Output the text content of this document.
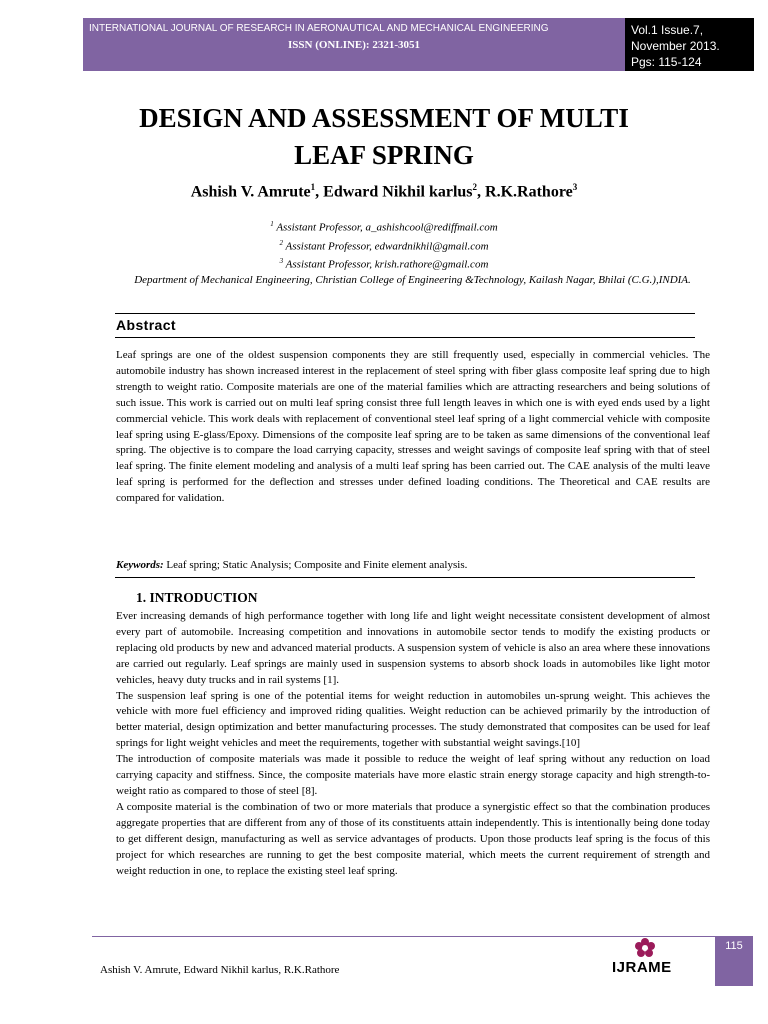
INTERNATIONAL JOURNAL OF RESEARCH IN AERONAUTICAL AND MECHANICAL ENGINEERING
ISSN (ONLINE): 2321-3051
Vol.1 Issue.7,
November 2013.
Pgs: 115-124
DESIGN AND ASSESSMENT OF MULTI
LEAF SPRING
Ashish V. Amrute$^1$, Edward Nikhil karlus$^2$, R.K.Rathore$^3$
$^1$ Assistant Professor, a_ashishcool@rediffmail.com
$^2$ Assistant Professor, edwardnikhil@gmail.com
$^3$ Assistant Professor, krish.rathore@gmail.com
Department of Mechanical Engineering, Christian College of Engineering &Technology, Kailash Nagar, Bhilai (C.G.),INDIA.
Abstract
Leaf springs are one of the oldest suspension components they are still frequently used, especially in commercial vehicles. The automobile industry has shown increased interest in the replacement of steel spring with fiber glass composite leaf spring due to high strength to weight ratio. Composite materials are one of the material families which are attracting researchers and being solutions of such issue. This work is carried out on multi leaf spring consist three full length leaves in which one is with eyed ends used by a light commercial vehicle. This work deals with replacement of conventional steel leaf spring of a light commercial vehicle with composite leaf spring using E-glass/Epoxy. Dimensions of the composite leaf spring are to be taken as same dimensions of the conventional leaf spring. The objective is to compare the load carrying capacity, stresses and weight savings of composite leaf spring with that of steel leaf spring. The finite element modeling and analysis of a multi leaf spring has been carried out. The CAE analysis of the multi leave leaf spring is performed for the deflection and stresses under defined loading conditions. The Theoretical and CAE results are compared for validation.
Keywords: Leaf spring; Static Analysis; Composite and Finite element analysis.
1. INTRODUCTION

Ever increasing demands of high performance together with long life and light weight necessitate consistent development of almost every part of automobile. Increasing competition and innovations in automobile sector tends to modify the existing products or replacing old products by new and advanced material products. A suspension system of vehicle is also an area where these innovations are carried out regularly. Leaf springs are mainly used in suspension systems to absorb shock loads in automobiles like light motor vehicles, heavy duty trucks and in rail systems [1].

The suspension leaf spring is one of the potential items for weight reduction in automobiles un-sprung weight. This achieves the vehicle with more fuel efficiency and improved riding qualities. Weight reduction can be achieved primarily by the introduction of better material, design optimization and better manufacturing processes. The study demonstrated that composites can be used for leaf springs for light weight vehicles and meet the requirements, together with substantial weight savings.[10]

The introduction of composite materials was made it possible to reduce the weight of leaf spring without any reduction on load carrying capacity and stiffness. Since, the composite materials have more elastic strain energy storage capacity and high strength-to-weight ratio as compared to those of steel [8].

A composite material is the combination of two or more materials that produce a synergistic effect so that the combination produces aggregate properties that are different from any of those of its constituents attain independently. This is intentionally being done today to get different design, manufacturing as well as service advantages of products. Upon those products leaf spring is the focus of this project for which researches are running to get the best composite material, which meets the current requirement of strength and weight reduction in one, to replace the existing steel leaf spring.

115
Ashish V. Amrute, Edward Nikhil karlus, R.K.Rathore	IJRAME
